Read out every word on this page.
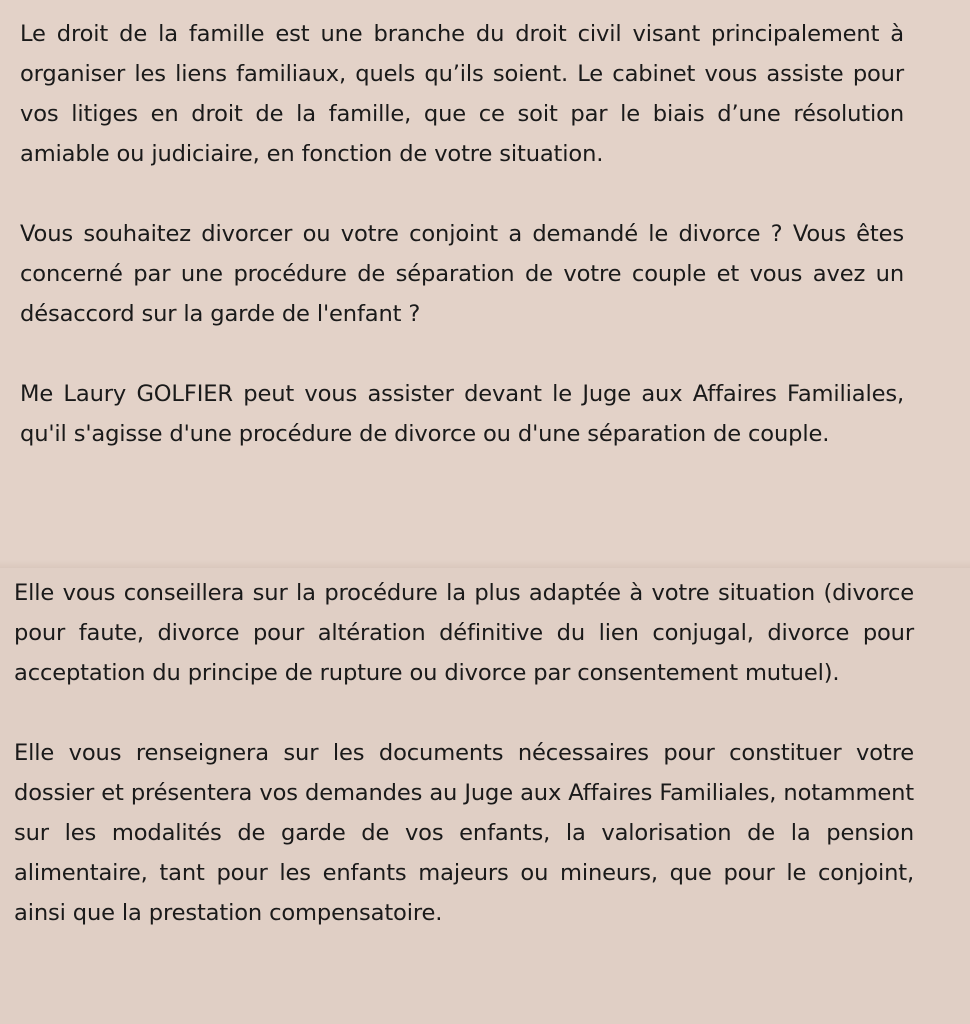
Le droit de la famille est une branche du droit civil visant principalement à organiser les liens familiaux, quels qu’ils soient. Le cabinet vous assiste pour vos litiges en droit de la famille, que ce soit par le biais d’une résolution amiable ou judiciaire, en fonction de votre situation.

Vous souhaitez divorcer ou votre conjoint a demandé le divorce ? Vous êtes concerné par une procédure de séparation de votre couple et vous avez un désaccord sur la garde de l'enfant ?

Me Laury GOLFIER peut vous assister devant le Juge aux Affaires Familiales, qu'il s'agisse d'une procédure de divorce ou d'une séparation de couple.

Elle vous conseillera sur la procédure la plus adaptée à votre situation (divorce pour faute, divorce pour altération définitive du lien conjugal, divorce pour acceptation du principe de rupture ou divorce par consentement mutuel).

Elle vous renseignera sur les documents nécessaires pour constituer votre dossier et présentera vos demandes au Juge aux Affaires Familiales, notamment sur les modalités de garde de vos enfants, la valorisation de la pension alimentaire, tant pour les enfants majeurs ou mineurs, que pour le conjoint, ainsi que la prestation compensatoire.
